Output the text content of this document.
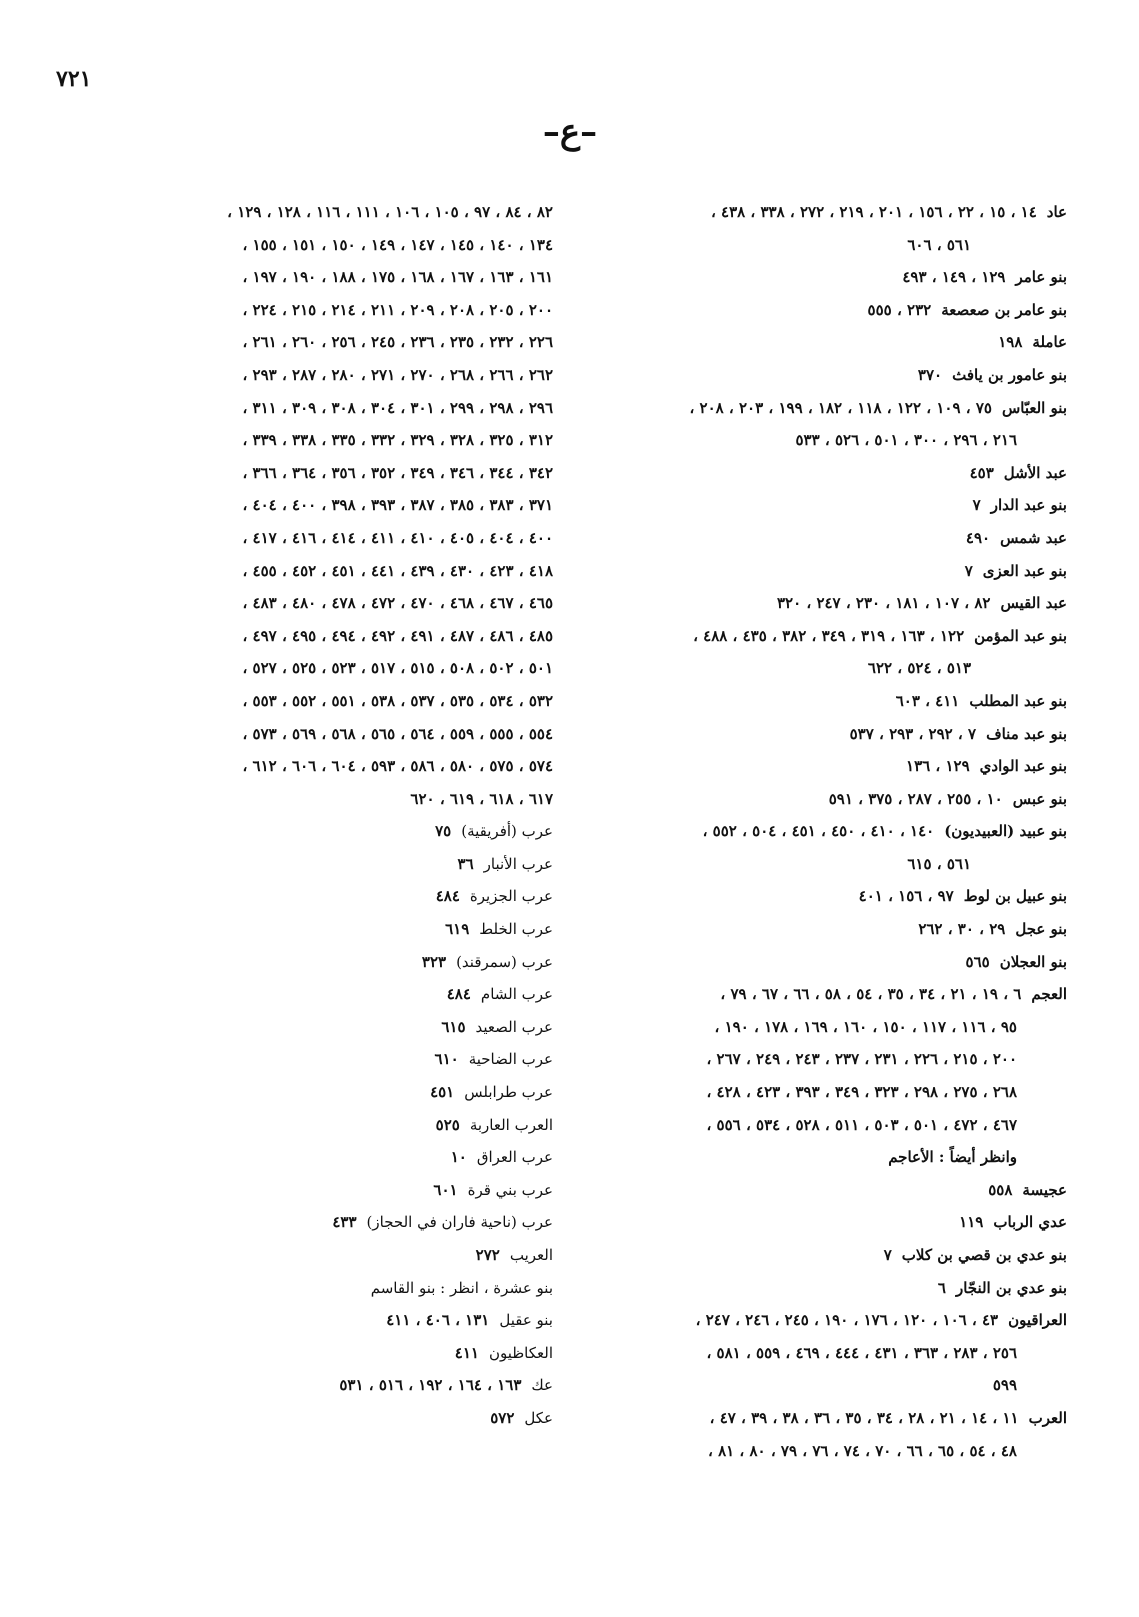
٧٢١
–ع–
عاد١٤ ، ١٥ ، ٢٢ ، ١٥٦ ، ٢٠١ ، ٢١٩ ، ٢٧٢ ، ٣٣٨ ، ٤٣٨ ،
٥٦١ ، ٦٠٦
بنو عامر١٢٩ ، ١٤٩ ، ٤٩٣
بنو عامر بن صعصعة٢٣٢ ، ٥٥٥
عاملة١٩٨
بنو عامور بن يافث٣٧٠
بنو العبّاس٧٥ ، ١٠٩ ، ١٢٢ ، ١١٨ ، ١٨٢ ، ١٩٩ ، ٢٠٣ ، ٢٠٨ ،
٢١٦ ، ٢٩٦ ، ٣٠٠ ، ٥٠١ ، ٥٢٦ ، ٥٣٣
عبد الأشل٤٥٣
بنو عبد الدار٧
عبد شمس٤٩٠
بنو عبد العزى٧
عبد القيس٨٢ ، ١٠٧ ، ١٨١ ، ٢٣٠ ، ٢٤٧ ، ٣٢٠
بنو عبد المؤمن١٢٢ ، ١٦٣ ، ٣١٩ ، ٣٤٩ ، ٣٨٢ ، ٤٣٥ ، ٤٨٨ ،
٥١٣ ، ٥٢٤ ، ٦٢٢
بنو عبد المطلب٤١١ ، ٦٠٣
بنو عبد مناف٧ ، ٢٩٢ ، ٢٩٣ ، ٥٣٧
بنو عبد الوادي١٢٩ ، ١٣٦
بنو عبس١٠ ، ٢٥٥ ، ٢٨٧ ، ٣٧٥ ، ٥٩١
بنو عبيد (العبيديون)١٤٠ ، ٤١٠ ، ٤٥٠ ، ٤٥١ ، ٥٠٤ ، ٥٥٢ ،
٥٦١ ، ٦١٥
بنو عبيل بن لوط٩٧ ، ١٥٦ ، ٤٠١
بنو عجل٢٩ ، ٣٠ ، ٢٦٢
بنو العجلان٥٦٥
العجم٦ ، ١٩ ، ٢١ ، ٣٤ ، ٣٥ ، ٥٤ ، ٥٨ ، ٦٦ ، ٦٧ ، ٧٩ ،
٩٥ ، ١١٦ ، ١١٧ ، ١٥٠ ، ١٦٠ ، ١٦٩ ، ١٧٨ ، ١٩٠ ،
٢٠٠ ، ٢١٥ ، ٢٢٦ ، ٢٣١ ، ٢٣٧ ، ٢٤٣ ، ٢٤٩ ، ٢٦٧ ،
٢٦٨ ، ٢٧٥ ، ٢٩٨ ، ٣٢٣ ، ٣٤٩ ، ٣٩٣ ، ٤٢٣ ، ٤٢٨ ،
٤٦٧ ، ٤٧٢ ، ٥٠١ ، ٥٠٣ ، ٥١١ ، ٥٢٨ ، ٥٣٤ ، ٥٥٦ ،
وانظر أيضاً : الأعاجم
عجيسة٥٥٨
عدي الرباب١١٩
بنو عدي بن قصي بن كلاب٧
بنو عدي بن النجّار٦
العراقيون٤٣ ، ١٠٦ ، ١٢٠ ، ١٧٦ ، ١٩٠ ، ٢٤٥ ، ٢٤٦ ، ٢٤٧ ،
٢٥٦ ، ٢٨٣ ، ٣٦٣ ، ٤٣١ ، ٤٤٤ ، ٤٦٩ ، ٥٥٩ ، ٥٨١ ،
٥٩٩
العرب١١ ، ١٤ ، ٢١ ، ٢٨ ، ٣٤ ، ٣٥ ، ٣٦ ، ٣٨ ، ٣٩ ، ٤٧ ،
٤٨ ، ٥٤ ، ٦٥ ، ٦٦ ، ٧٠ ، ٧٤ ، ٧٦ ، ٧٩ ، ٨٠ ، ٨١ ،
٨٢ ، ٨٤ ، ٩٧ ، ١٠٥ ، ١٠٦ ، ١١١ ، ١١٦ ، ١٢٨ ، ١٢٩ ،
١٣٤ ، ١٤٠ ، ١٤٥ ، ١٤٧ ، ١٤٩ ، ١٥٠ ، ١٥١ ، ١٥٥ ،
١٦١ ، ١٦٣ ، ١٦٧ ، ١٦٨ ، ١٧٥ ، ١٨٨ ، ١٩٠ ، ١٩٧ ،
٢٠٠ ، ٢٠٥ ، ٢٠٨ ، ٢٠٩ ، ٢١١ ، ٢١٤ ، ٢١٥ ، ٢٢٤ ،
٢٢٦ ، ٢٣٢ ، ٢٣٥ ، ٢٣٦ ، ٢٤٥ ، ٢٥٦ ، ٢٦٠ ، ٢٦١ ،
٢٦٢ ، ٢٦٦ ، ٢٦٨ ، ٢٧٠ ، ٢٧١ ، ٢٨٠ ، ٢٨٧ ، ٢٩٣ ،
٢٩٦ ، ٢٩٨ ، ٢٩٩ ، ٣٠١ ، ٣٠٤ ، ٣٠٨ ، ٣٠٩ ، ٣١١ ،
٣١٢ ، ٣٢٥ ، ٣٢٨ ، ٣٢٩ ، ٣٣٢ ، ٣٣٥ ، ٣٣٨ ، ٣٣٩ ،
٣٤٢ ، ٣٤٤ ، ٣٤٦ ، ٣٤٩ ، ٣٥٢ ، ٣٥٦ ، ٣٦٤ ، ٣٦٦ ،
٣٧١ ، ٣٨٣ ، ٣٨٥ ، ٣٨٧ ، ٣٩٣ ، ٣٩٨ ، ٤٠٠ ، ٤٠٤ ،
٤٠٠ ، ٤٠٤ ، ٤٠٥ ، ٤١٠ ، ٤١١ ، ٤١٤ ، ٤١٦ ، ٤١٧ ،
٤١٨ ، ٤٢٣ ، ٤٣٠ ، ٤٣٩ ، ٤٤١ ، ٤٥١ ، ٤٥٢ ، ٤٥٥ ،
٤٦٥ ، ٤٦٧ ، ٤٦٨ ، ٤٧٠ ، ٤٧٢ ، ٤٧٨ ، ٤٨٠ ، ٤٨٣ ،
٤٨٥ ، ٤٨٦ ، ٤٨٧ ، ٤٩١ ، ٤٩٢ ، ٤٩٤ ، ٤٩٥ ، ٤٩٧ ،
٥٠١ ، ٥٠٢ ، ٥٠٨ ، ٥١٥ ، ٥١٧ ، ٥٢٣ ، ٥٢٥ ، ٥٢٧ ،
٥٣٢ ، ٥٣٤ ، ٥٣٥ ، ٥٣٧ ، ٥٣٨ ، ٥٥١ ، ٥٥٢ ، ٥٥٣ ،
٥٥٤ ، ٥٥٥ ، ٥٥٩ ، ٥٦٤ ، ٥٦٥ ، ٥٦٨ ، ٥٦٩ ، ٥٧٣ ،
٥٧٤ ، ٥٧٥ ، ٥٨٠ ، ٥٨٦ ، ٥٩٣ ، ٦٠٤ ، ٦٠٦ ، ٦١٢ ،
٦١٧ ، ٦١٨ ، ٦١٩ ، ٦٢٠
عرب (أفريقية)٧٥
عرب الأنبار٣٦
عرب الجزيرة٤٨٤
عرب الخلط٦١٩
عرب (سمرقند)٣٢٣
عرب الشام٤٨٤
عرب الصعيد٦١٥
عرب الضاحية٦١٠
عرب طرابلس٤٥١
العرب العاربة٥٢٥
عرب العراق١٠
عرب بني قرة٦٠١
عرب (ناحية فاران في الحجاز)٤٣٣
العريب٢٧٢
بنو عشرة ، انظر : بنو القاسم
بنو عقيل١٣١ ، ٤٠٦ ، ٤١١
العكاظيون٤١١
عك١٦٣ ، ١٦٤ ، ١٩٢ ، ٥١٦ ، ٥٣١
عكل٥٧٢
